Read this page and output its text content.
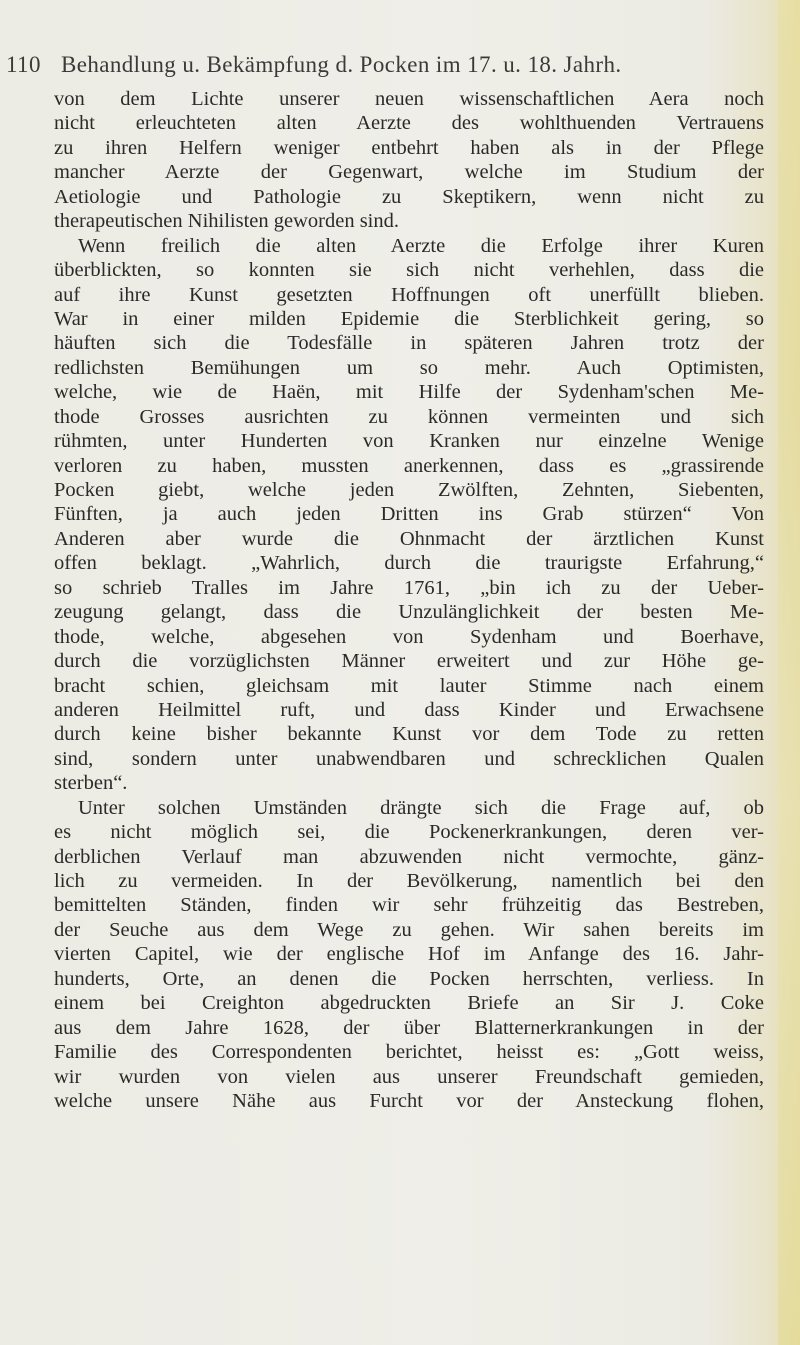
110 Behandlung u. Bekämpfung d. Pocken im 17. u. 18. Jahrh.
von dem Lichte unserer neuen wissenschaftlichen Aera noch
nicht erleuchteten alten Aerzte des wohlthuenden Vertrauens
zu ihren Helfern weniger entbehrt haben als in der Pflege
mancher Aerzte der Gegenwart, welche im Studium der
Aetiologie und Pathologie zu Skeptikern, wenn nicht zu
therapeutischen Nihilisten geworden sind.
Wenn freilich die alten Aerzte die Erfolge ihrer Kuren
überblickten, so konnten sie sich nicht verhehlen, dass die
auf ihre Kunst gesetzten Hoffnungen oft unerfüllt blieben.
War in einer milden Epidemie die Sterblichkeit gering, so
häuften sich die Todesfälle in späteren Jahren trotz der
redlichsten Bemühungen um so mehr. Auch Optimisten,
welche, wie de Haën, mit Hilfe der Sydenham'schen Me-
thode Grosses ausrichten zu können vermeinten und sich
rühmten, unter Hunderten von Kranken nur einzelne Wenige
verloren zu haben, mussten anerkennen, dass es „grassirende
Pocken giebt, welche jeden Zwölften, Zehnten, Siebenten,
Fünften, ja auch jeden Dritten ins Grab stürzen“ Von
Anderen aber wurde die Ohnmacht der ärztlichen Kunst
offen beklagt. „Wahrlich, durch die traurigste Erfahrung,“
so schrieb Tralles im Jahre 1761, „bin ich zu der Ueber-
zeugung gelangt, dass die Unzulänglichkeit der besten Me-
thode, welche, abgesehen von Sydenham und Boerhave,
durch die vorzüglichsten Männer erweitert und zur Höhe ge-
bracht schien, gleichsam mit lauter Stimme nach einem
anderen Heilmittel ruft, und dass Kinder und Erwachsene
durch keine bisher bekannte Kunst vor dem Tode zu retten
sind, sondern unter unabwendbaren und schrecklichen Qualen
sterben“.
Unter solchen Umständen drängte sich die Frage auf, ob
es nicht möglich sei, die Pockenerkrankungen, deren ver-
derblichen Verlauf man abzuwenden nicht vermochte, gänz-
lich zu vermeiden. In der Bevölkerung, namentlich bei den
bemittelten Ständen, finden wir sehr frühzeitig das Bestreben,
der Seuche aus dem Wege zu gehen. Wir sahen bereits im
vierten Capitel, wie der englische Hof im Anfange des 16. Jahr-
hunderts, Orte, an denen die Pocken herrschten, verliess. In
einem bei Creighton abgedruckten Briefe an Sir J. Coke
aus dem Jahre 1628, der über Blatternerkrankungen in der
Familie des Correspondenten berichtet, heisst es: „Gott weiss,
wir wurden von vielen aus unserer Freundschaft gemieden,
welche unsere Nähe aus Furcht vor der Ansteckung flohen,
